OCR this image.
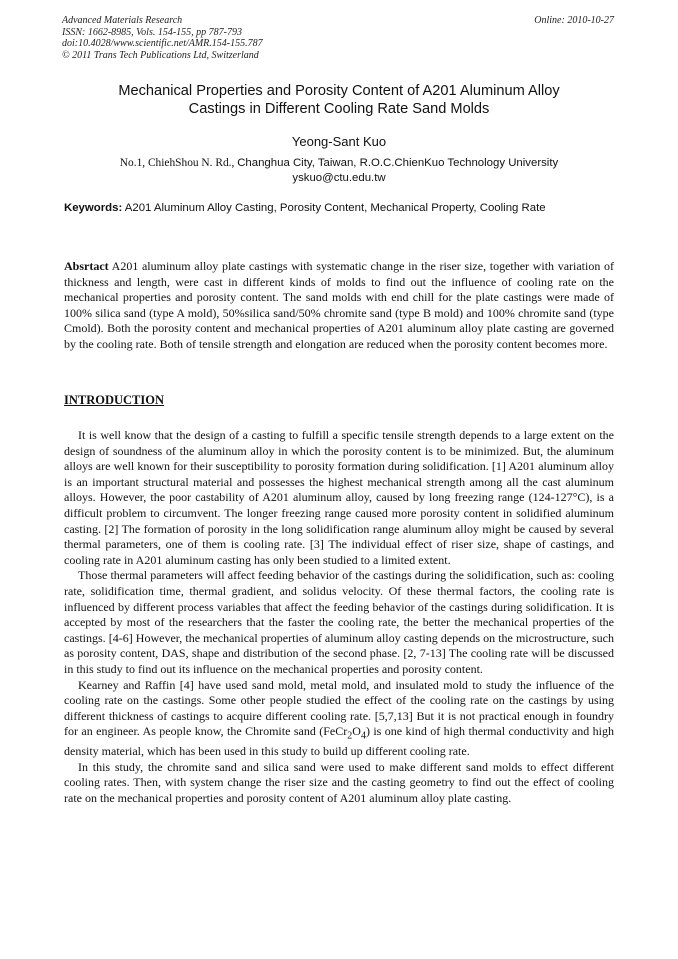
Advanced Materials Research
ISSN: 1662-8985, Vols. 154-155, pp 787-793
doi:10.4028/www.scientific.net/AMR.154-155.787
© 2011 Trans Tech Publications Ltd, Switzerland
Online: 2010-10-27
Mechanical Properties and Porosity Content of A201 Aluminum Alloy
Castings in Different Cooling Rate Sand Molds
Yeong-Sant Kuo
No.1, ChiehShou N. Rd., Changhua City, Taiwan, R.O.C.ChienKuo Technology University
yskuo@ctu.edu.tw
Keywords: A201 Aluminum Alloy Casting, Porosity Content, Mechanical Property, Cooling Rate
Absrtact A201 aluminum alloy plate castings with systematic change in the riser size, together with variation of thickness and length, were cast in different kinds of molds to find out the influence of cooling rate on the mechanical properties and porosity content. The sand molds with end chill for the plate castings were made of 100% silica sand (type A mold), 50%silica sand/50% chromite sand (type B mold) and 100% chromite sand (type Cmold). Both the porosity content and mechanical properties of A201 aluminum alloy plate casting are governed by the cooling rate. Both of tensile strength and elongation are reduced when the porosity content becomes more.
INTRODUCTION

It is well know that the design of a casting to fulfill a specific tensile strength depends to a large extent on the design of soundness of the aluminum alloy in which the porosity content is to be minimized. But, the aluminum alloys are well known for their susceptibility to porosity formation during solidification. [1] A201 aluminum alloy is an important structural material and possesses the highest mechanical strength among all the cast aluminum alloys. However, the poor castability of A201 aluminum alloy, caused by long freezing range (124-127°C), is a difficult problem to circumvent. The longer freezing range caused more porosity content in solidified aluminum casting. [2] The formation of porosity in the long solidification range aluminum alloy might be caused by several thermal parameters, one of them is cooling rate. [3] The individual effect of riser size, shape of castings, and cooling rate in A201 aluminum casting has only been studied to a limited extent.

Those thermal parameters will affect feeding behavior of the castings during the solidification, such as: cooling rate, solidification time, thermal gradient, and solidus velocity. Of these thermal factors, the cooling rate is influenced by different process variables that affect the feeding behavior of the castings during solidification. It is accepted by most of the researchers that the faster the cooling rate, the better the mechanical properties of the castings. [4-6] However, the mechanical properties of aluminum alloy casting depends on the microstructure, such as porosity content, DAS, shape and distribution of the second phase. [2, 7-13] The cooling rate will be discussed in this study to find out its influence on the mechanical properties and porosity content.

Kearney and Raffin [4] have used sand mold, metal mold, and insulated mold to study the influence of the cooling rate on the castings. Some other people studied the effect of the cooling rate on the castings by using different thickness of castings to acquire different cooling rate. [5,7,13] But it is not practical enough in foundry for an engineer. As people know, the Chromite sand $(FeCr_2O_4)$ is one kind of high thermal conductivity and high density material, which has been used in this study to build up different cooling rate.

In this study, the chromite sand and silica sand were used to make different sand molds to effect different cooling rates. Then, with system change the riser size and the casting geometry to find out the effect of cooling rate on the mechanical properties and porosity content of A201 aluminum alloy plate casting.
